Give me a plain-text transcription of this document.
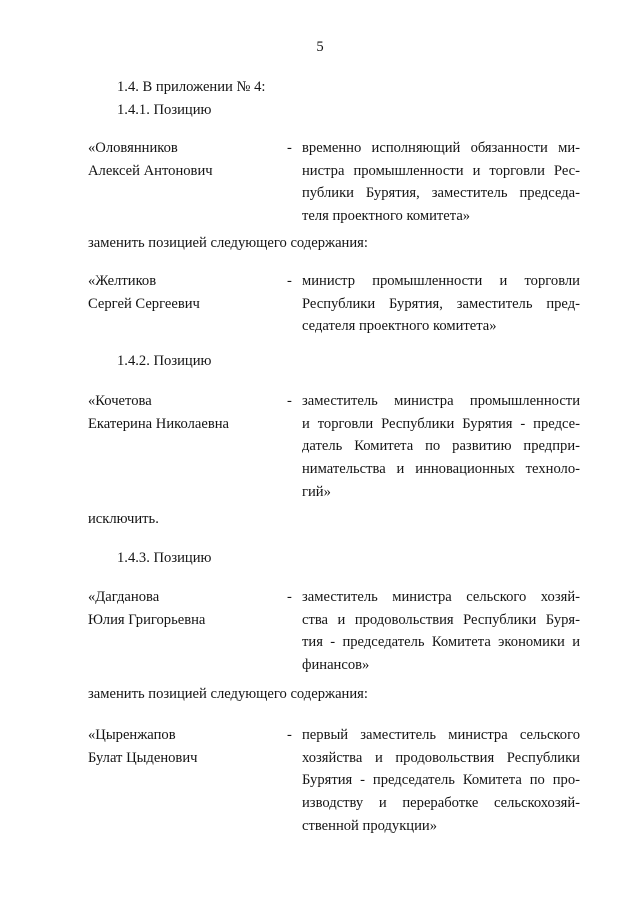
5
1.4. В приложении № 4:
1.4.1. Позицию
«Оловянников
Алексей Антонович
- временно исполняющий обязанности ми-
нистра промышленности и торговли Рес-
публики Бурятия, заместитель председа-
теля проектного комитета»
заменить позицией следующего содержания:
«Желтиков
Сергей Сергеевич
- министр промышленности и торговли
Республики Бурятия, заместитель пред-
седателя проектного комитета»
1.4.2. Позицию
«Кочетова
Екатерина Николаевна
- заместитель министра промышленности
и торговли Республики Бурятия - предсе-
датель Комитета по развитию предпри-
нимательства и инновационных техноло-
гий»
исключить.
1.4.3. Позицию
«Дагданова
Юлия Григорьевна
- заместитель министра сельского хозяй-
ства и продовольствия Республики Буря-
тия - председатель Комитета экономики и
финансов»
заменить позицией следующего содержания:
«Цыренжапов
Булат Цыденович
- первый заместитель министра сельского
хозяйства и продовольствия Республики
Бурятия - председатель Комитета по про-
изводству и переработке сельскохозяй-
ственной продукции»
